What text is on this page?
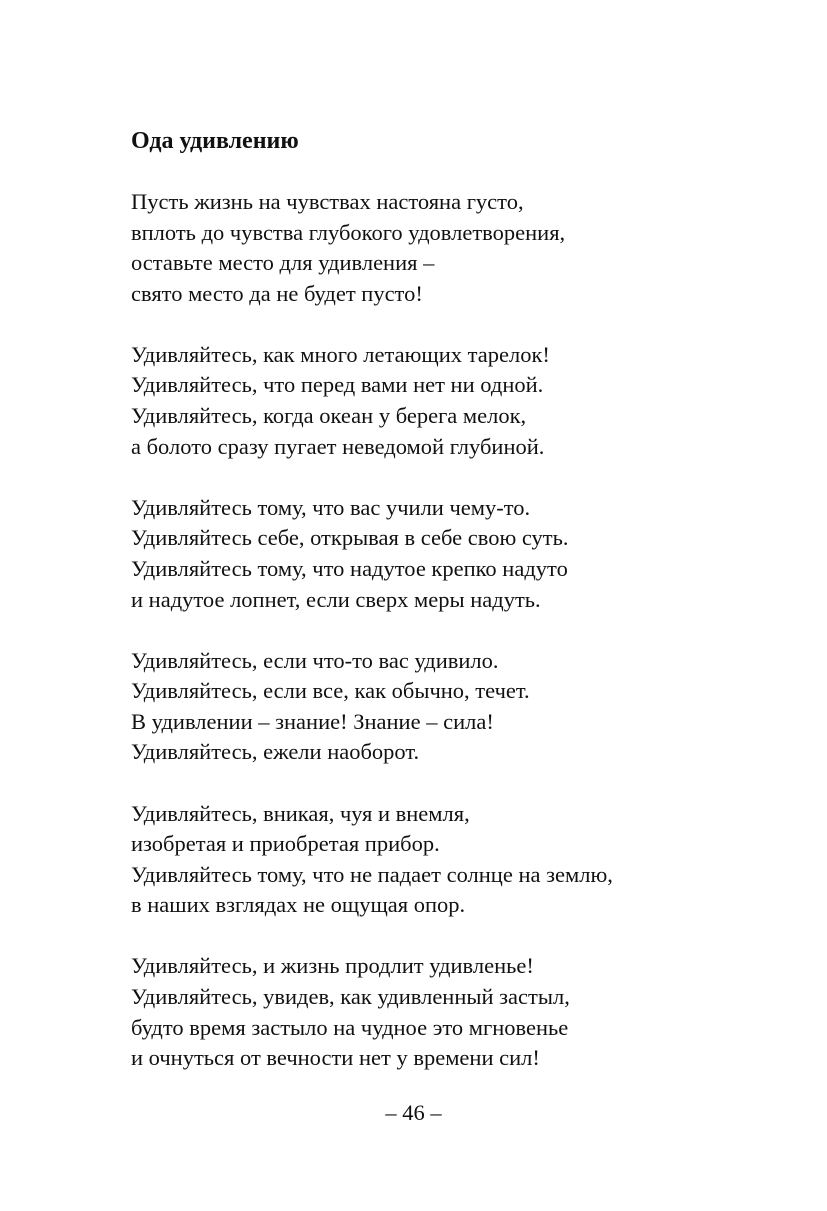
Ода удивлению
Пусть жизнь на чувствах настояна густо,
вплоть до чувства глубокого удовлетворения,
оставьте место для удивления –
свято место да не будет пусто!
Удивляйтесь, как много летающих тарелок!
Удивляйтесь, что перед вами нет ни одной.
Удивляйтесь, когда океан у берега мелок,
а болото сразу пугает неведомой глубиной.
Удивляйтесь тому, что вас учили чему-то.
Удивляйтесь себе, открывая в себе свою суть.
Удивляйтесь тому, что надутое крепко надуто
и надутое лопнет, если сверх меры надуть.
Удивляйтесь, если что-то вас удивило.
Удивляйтесь, если все, как обычно, течет.
В удивлении – знание! Знание – сила!
Удивляйтесь, ежели наоборот.
Удивляйтесь, вникая, чуя и внемля,
изобретая и приобретая прибор.
Удивляйтесь тому, что не падает солнце на землю,
в наших взглядах не ощущая опор.
Удивляйтесь, и жизнь продлит удивленье!
Удивляйтесь, увидев, как удивленный застыл,
будто время застыло на чудное это мгновенье
и очнуться от вечности нет у времени сил!
– 46 –
